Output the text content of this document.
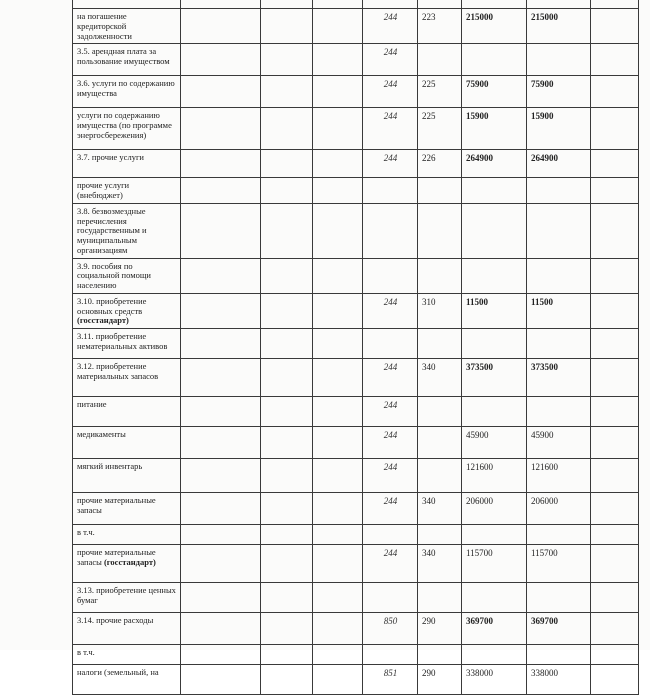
на погашение кредиторской задолженности				244	223	215000	215000	
3.5. арендная плата за пользование имуществом				244				
3.6. услуги по содержанию имущества				244	225	75900	75900	
услуги по содержанию имущества (по программе энергосбережения)				244	225	15900	15900	
3.7. прочие услуги				244	226	264900	264900	
прочие услуги (внебюджет)								
3.8. безвозмездные перечисления государственным и муниципальным организациям								
3.9. пособия по социальной помощи населению								
3.10. приобретение основных средств (госстандарт)				244	310	11500	11500	
3.11. приобретение нематериальных активов								
3.12. приобретение материальных запасов				244	340	373500	373500	
питание				244				
медикаменты				244		45900	45900	
мягкий инвентарь				244		121600	121600	
прочие материальные запасы				244	340	206000	206000	
в т.ч.								
прочие материальные запасы (госстандарт)				244	340	115700	115700	
3.13. приобретение ценных бумаг								
3.14. прочие расходы				850	290	369700	369700	
в т.ч.								
налоги (земельный, на				851	290	338000	338000	
